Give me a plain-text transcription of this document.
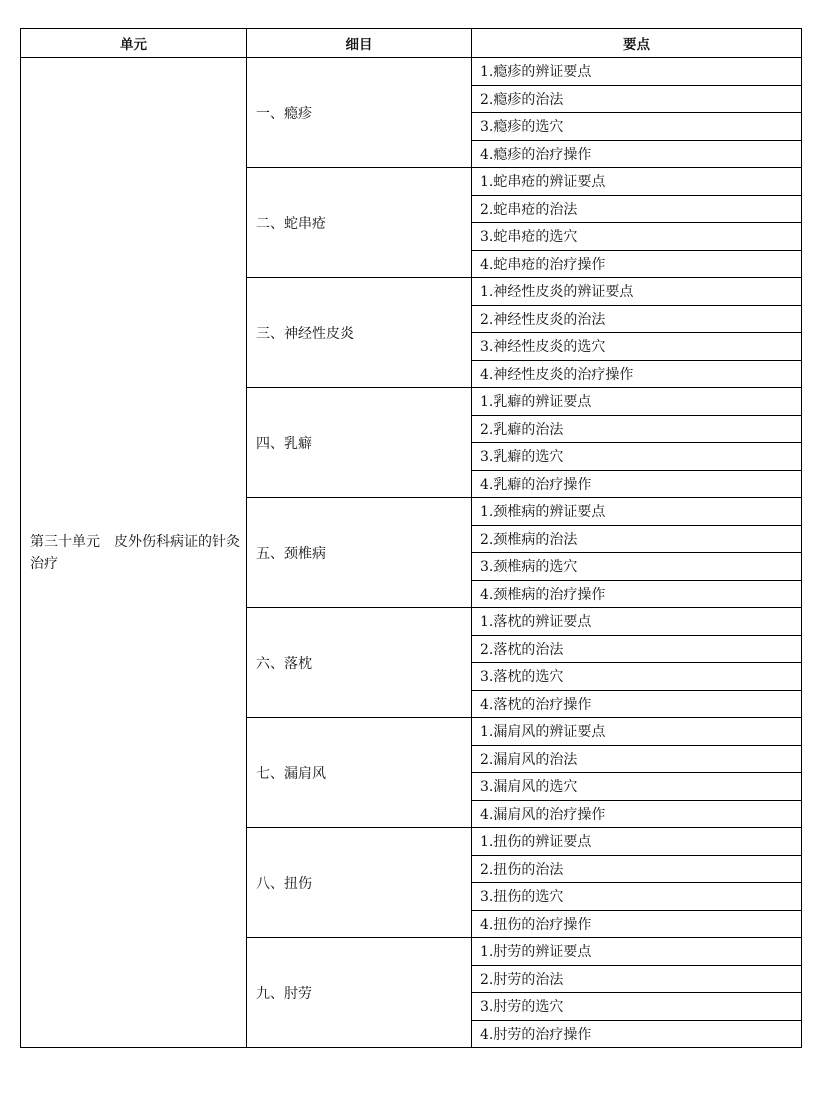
单元	细目	要点
第三十单元　皮外伤科病证的针灸治疗	一、瘾疹	1.瘾疹的辨证要点
		2.瘾疹的治法
		3.瘾疹的选穴
		4.瘾疹的治疗操作
	二、蛇串疮	1.蛇串疮的辨证要点
		2.蛇串疮的治法
		3.蛇串疮的选穴
		4.蛇串疮的治疗操作
	三、神经性皮炎	1.神经性皮炎的辨证要点
		2.神经性皮炎的治法
		3.神经性皮炎的选穴
		4.神经性皮炎的治疗操作
	四、乳癖	1.乳癖的辨证要点
		2.乳癖的治法
		3.乳癖的选穴
		4.乳癖的治疗操作
	五、颈椎病	1.颈椎病的辨证要点
		2.颈椎病的治法
		3.颈椎病的选穴
		4.颈椎病的治疗操作
	六、落枕	1.落枕的辨证要点
		2.落枕的治法
		3.落枕的选穴
		4.落枕的治疗操作
	七、漏肩风	1.漏肩风的辨证要点
		2.漏肩风的治法
		3.漏肩风的选穴
		4.漏肩风的治疗操作
	八、扭伤	1.扭伤的辨证要点
		2.扭伤的治法
		3.扭伤的选穴
		4.扭伤的治疗操作
	九、肘劳	1.肘劳的辨证要点
		2.肘劳的治法
		3.肘劳的选穴
		4.肘劳的治疗操作
